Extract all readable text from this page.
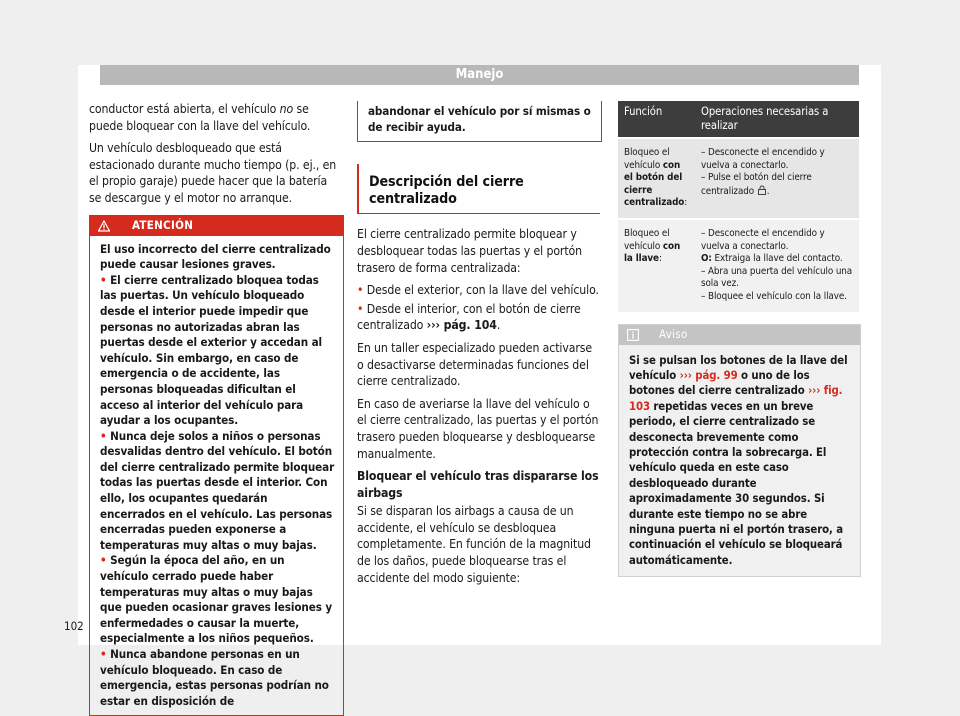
Manejo

conductor está abierta, el vehículo no se puede bloquear con la llave del vehículo.

Un vehículo desbloqueado que está estacionado durante mucho tiempo (p. ej., en el propio garaje) puede hacer que la batería se descargue y el motor no arranque.

ATENCIÓN

El uso incorrecto del cierre centralizado puede causar lesiones graves.

• El cierre centralizado bloquea todas las puertas. Un vehículo bloqueado desde el interior puede impedir que personas no autorizadas abran las puertas desde el exterior y accedan al vehículo. Sin embargo, en caso de emergencia o de accidente, las personas bloqueadas dificultan el acceso al interior del vehículo para ayudar a los ocupantes.

• Nunca deje solos a niños o personas desvalidas dentro del vehículo. El botón del cierre centralizado permite bloquear todas las puertas desde el interior. Con ello, los ocupantes quedarán encerrados en el vehículo. Las personas encerradas pueden exponerse a temperaturas muy altas o muy bajas.

• Según la época del año, en un vehículo cerrado puede haber temperaturas muy altas o muy bajas que pueden ocasionar graves lesiones y enfermedades o causar la muerte, especialmente a los niños pequeños.

• Nunca abandone personas en un vehículo bloqueado. En caso de emergencia, estas personas podrían no estar en disposición de

abandonar el vehículo por sí mismas o de recibir ayuda.
Descripción del cierre centralizado

El cierre centralizado permite bloquear y desbloquear todas las puertas y el portón trasero de forma centralizada:

• Desde el exterior, con la llave del vehículo.

• Desde el interior, con el botón de cierre centralizado ››› pág. 104.

En un taller especializado pueden activarse o desactivarse determinadas funciones del cierre centralizado.

En caso de averiarse la llave del vehículo o el cierre centralizado, las puertas y el portón trasero pueden bloquearse y desbloquearse manualmente.

Bloquear el vehículo tras dispararse los airbags

Si se disparan los airbags a causa de un accidente, el vehículo se desbloquea completamente. En función de la magnitud de los daños, puede bloquearse tras el accidente del modo siguiente:

Función	Operaciones necesarias a realizar
Bloqueo el vehículo con el botón del cierre centralizado:	– Desconecte el encendido y vuelva a conectarlo.
– Pulse el botón del cierre centralizado .

Bloqueo el vehículo con la llave:	– Desconecte el encendido y vuelva a conectarlo.
O: Extraiga la llave del contacto.
– Abra una puerta del vehículo una sola vez.
– Bloquee el vehículo con la llave.
Aviso
Si se pulsan los botones de la llave del vehículo ››› pág. 99 o uno de los botones del cierre centralizado ››› fig. 103 repetidas veces en un breve periodo, el cierre centralizado se desconecta brevemente como protección contra la sobrecarga. El vehículo queda en este caso desbloqueado durante aproximadamente 30 segundos. Si durante este tiempo no se abre ninguna puerta ni el portón trasero, a continuación el vehículo se bloqueará automáticamente.
102
